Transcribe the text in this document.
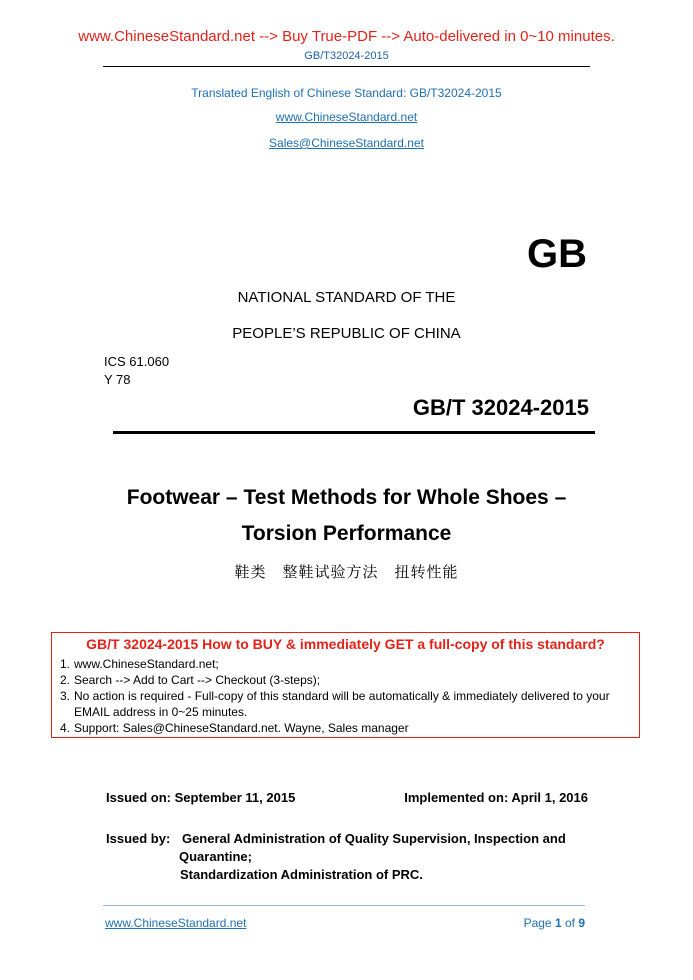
www.ChineseStandard.net --> Buy True-PDF --> Auto-delivered in 0~10 minutes.
GB/T32024-2015
Translated English of Chinese Standard: GB/T32024-2015
www.ChineseStandard.net
Sales@ChineseStandard.net
GB
NATIONAL STANDARD OF THE
PEOPLE’S REPUBLIC OF CHINA
ICS 61.060
Y 78
GB/T 32024-2015
Footwear – Test Methods for Whole Shoes –
Torsion Performance
鞋类　整鞋试验方法　扭转性能
GB/T 32024-2015 How to BUY & immediately GET a full-copy of this standard?
1. www.ChineseStandard.net;
2. Search --> Add to Cart --> Checkout (3-steps);
3. No action is required - Full-copy of this standard will be automatically & immediately delivered to your EMAIL address in 0~25 minutes.
4. Support: Sales@ChineseStandard.net. Wayne, Sales manager
Issued on: September 11, 2015	Implemented on: April 1, 2016
Issued by: General Administration of Quality Supervision, Inspection and
Quarantine;
Standardization Administration of PRC.
www.ChineseStandard.net	Page 1 of 9
